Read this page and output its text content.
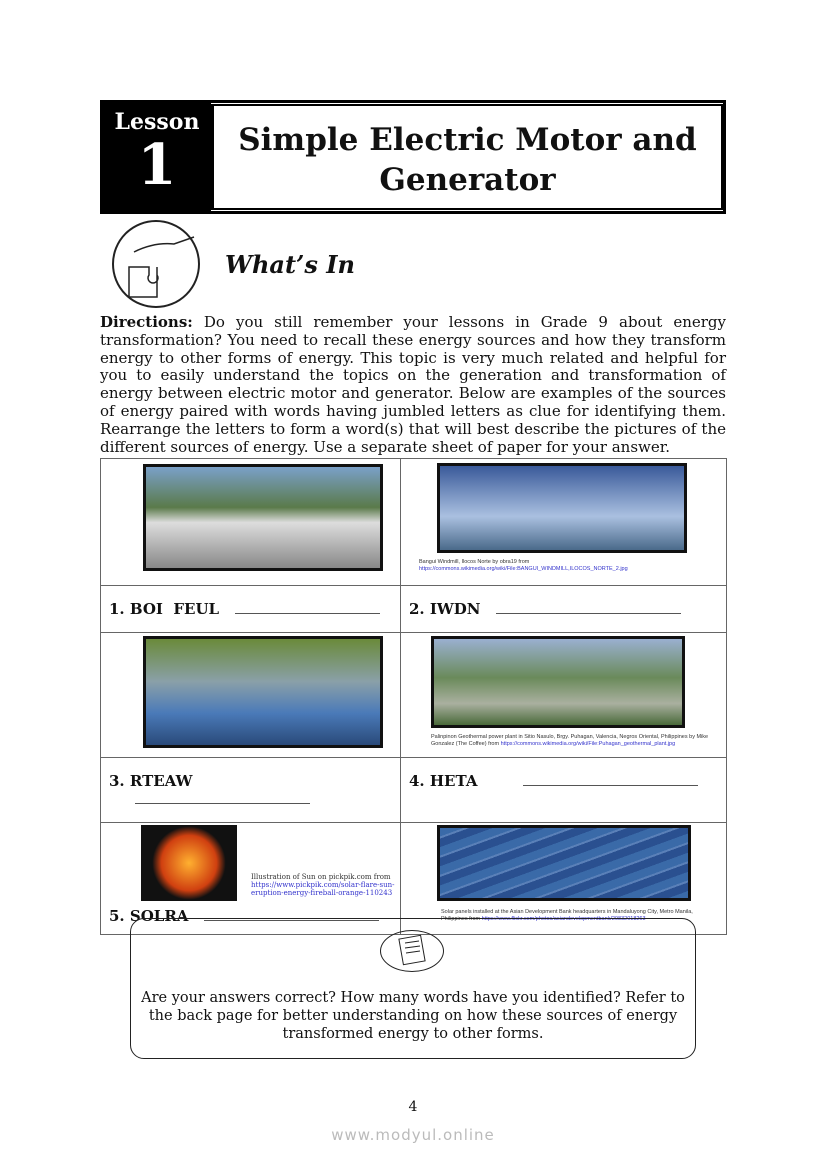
Lesson
1	Simple Electric Motor and Generator
What’s In
Directions: Do you still remember your lessons in Grade 9 about energy transformation? You need to recall these energy sources and how they transform energy to other forms of energy. This topic is very much related and helpful for you to easily understand the topics on the generation and transformation of energy between electric motor and generator. Below are examples of the sources of energy paired with words having jumbled letters as clue for identifying them. Rearrange the letters to form a word(s) that will best describe the pictures of the different sources of energy. Use a separate sheet of paper for your answer.

	Bangui Windmill, Ilocos Norte by obra19 from
https://commons.wikimedia.org/wiki/File:BANGUI_WINDMILL,ILOCOS_NORTE_2.jpg

1. BOI  FEUL	2. IWDN

	Palinpinon Geothermal power plant in Sitio Nasulo, Brgy. Puhagan, Valencia, Negros Oriental, Philippines by Mike Gonzalez (The Coffee) from https://commons.wikimedia.org/wiki/File:Puhagan_geothermal_plant.jpg

3. RTEAW	4. HETA

Illustration of Sun on pickpik.com from
https://www.pickpik.com/solar-flare-sun-eruption-energy-fireball-orange-110243
5. SOLRA	Solar panels installed at the Asian Development Bank headquarters in Mandaluyong City, Metro Manila, Philippines from https://www.flickr.com/photos/asiandevelopmentbank/29832018263
Are your answers correct? How many words have you identified? Refer to the back page for better understanding on how these sources of energy transformed energy to other forms.
4
www.modyul.online
